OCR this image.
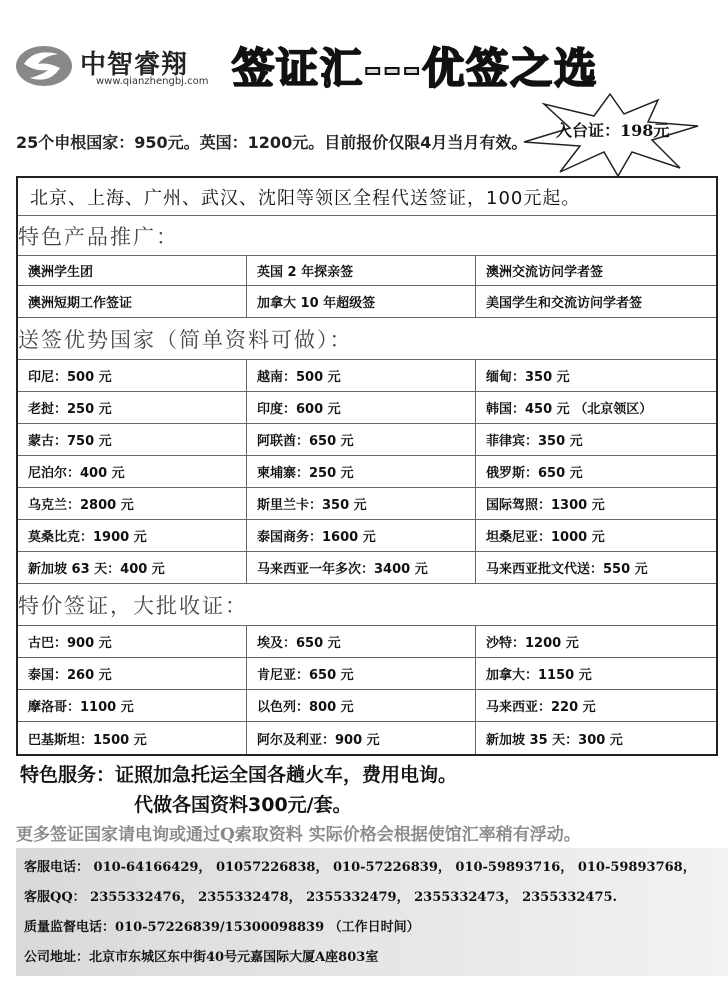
中智睿翔
www.qianzhengbj.com 签证汇---优签之选
入台证：198元
25个申根国家：950元。英国：1200元。目前报价仅限4月当月有效。
北京、上海、广州、武汉、沈阳等领区全程代送签证，100元起。
特色产品推广：
澳洲学生团	英国 2 年探亲签	澳洲交流访问学者签
澳洲短期工作签证	加拿大 10 年超级签	美国学生和交流访问学者签
送签优势国家（简单资料可做）：
印尼：500 元	越南：500 元	缅甸：350 元
老挝：250 元	印度：600 元	韩国：450 元 （北京领区）
蒙古：750 元	阿联酋：650 元	菲律宾：350 元
尼泊尔：400 元	柬埔寨：250 元	俄罗斯：650 元
乌克兰：2800 元	斯里兰卡：350 元	国际驾照：1300 元
莫桑比克：1900 元	泰国商务：1600 元	坦桑尼亚：1000 元
新加坡 63 天：400 元	马来西亚一年多次：3400 元	马来西亚批文代送：550 元
特价签证，大批收证：
古巴：900 元	埃及：650 元	沙特：1200 元
泰国：260 元	肯尼亚：650 元	加拿大：1150 元
摩洛哥：1100 元	以色列：800 元	马来西亚：220 元
巴基斯坦：1500 元	阿尔及利亚：900 元	新加坡 35 天：300 元
特色服务：证照加急托运全国各趟火车，费用电询。
代做各国资料300元/套。
更多签证国家请电询或通过Q索取资料 实际价格会根据使馆汇率稍有浮动。
客服电话： 010-64166429， 01057226838， 010-57226839， 010-59893716， 010-59893768，
客服QQ： 2355332476， 2355332478， 2355332479， 2355332473， 2355332475.
质量监督电话：010-57226839/15300098839 （工作日时间）
公司地址：北京市东城区东中街40号元嘉国际大厦A座803室
